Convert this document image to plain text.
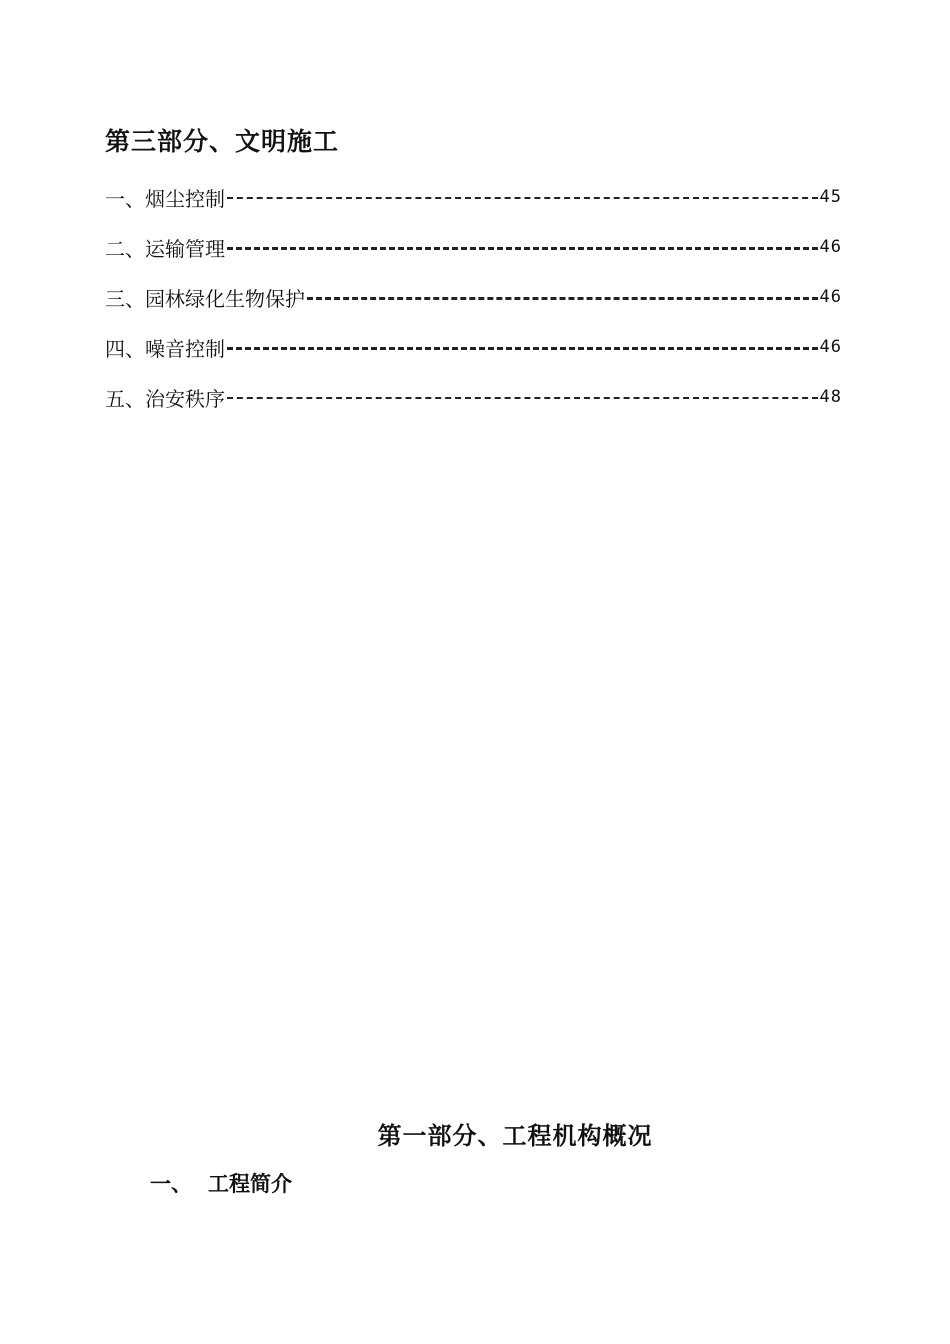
第三部分、文明施工
一、烟尘控制	45
二、运输管理	46
三、园林绿化生物保护	46
四、噪音控制	46
五、治安秩序	48
第一部分、工程机构概况
一、 工程简介
